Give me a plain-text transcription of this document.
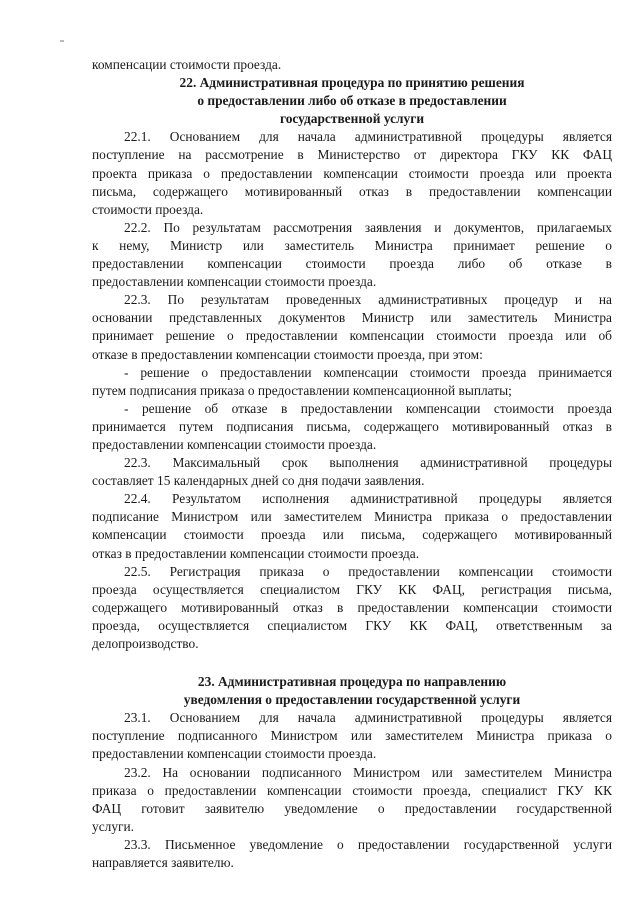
компенсации стоимости проезда.
22. Административная процедура по принятию решения
о предоставлении либо об отказе в предоставлении
государственной услуги
22.1. Основанием для начала административной процедуры является
поступление на рассмотрение в Министерство от директора ГКУ КК ФАЦ
проекта приказа о предоставлении компенсации стоимости проезда или проекта
письма, содержащего мотивированный отказ в предоставлении компенсации
стоимости проезда.
22.2. По результатам рассмотрения заявления и документов, прилагаемых
к нему, Министр или заместитель Министра принимает решение о
предоставлении компенсации стоимости проезда либо об отказе в
предоставлении компенсации стоимости проезда.
22.3. По результатам проведенных административных процедур и на
основании представленных документов Министр или заместитель Министра
принимает решение о предоставлении компенсации стоимости проезда или об
отказе в предоставлении компенсации стоимости проезда, при этом:
- решение о предоставлении компенсации стоимости проезда принимается
путем подписания приказа о предоставлении компенсационной выплаты;
- решение об отказе в предоставлении компенсации стоимости проезда
принимается путем подписания письма, содержащего мотивированный отказ в
предоставлении компенсации стоимости проезда.
22.3. Максимальный срок выполнения административной процедуры
составляет 15 календарных дней со дня подачи заявления.
22.4. Результатом исполнения административной процедуры является
подписание Министром или заместителем Министра приказа о предоставлении
компенсации стоимости проезда или письма, содержащего мотивированный
отказ в предоставлении компенсации стоимости проезда.
22.5. Регистрация приказа о предоставлении компенсации стоимости
проезда осуществляется специалистом ГКУ КК ФАЦ, регистрация письма,
содержащего мотивированный отказ в предоставлении компенсации стоимости
проезда, осуществляется специалистом ГКУ КК ФАЦ, ответственным за
делопроизводство.
23. Административная процедура по направлению
уведомления о предоставлении государственной услуги
23.1. Основанием для начала административной процедуры является
поступление подписанного Министром или заместителем Министра приказа о
предоставлении компенсации стоимости проезда.
23.2. На основании подписанного Министром или заместителем Министра
приказа о предоставлении компенсации стоимости проезда, специалист ГКУ КК
ФАЦ готовит заявителю уведомление о предоставлении государственной
услуги.
23.3. Письменное уведомление о предоставлении государственной услуги
направляется заявителю.
